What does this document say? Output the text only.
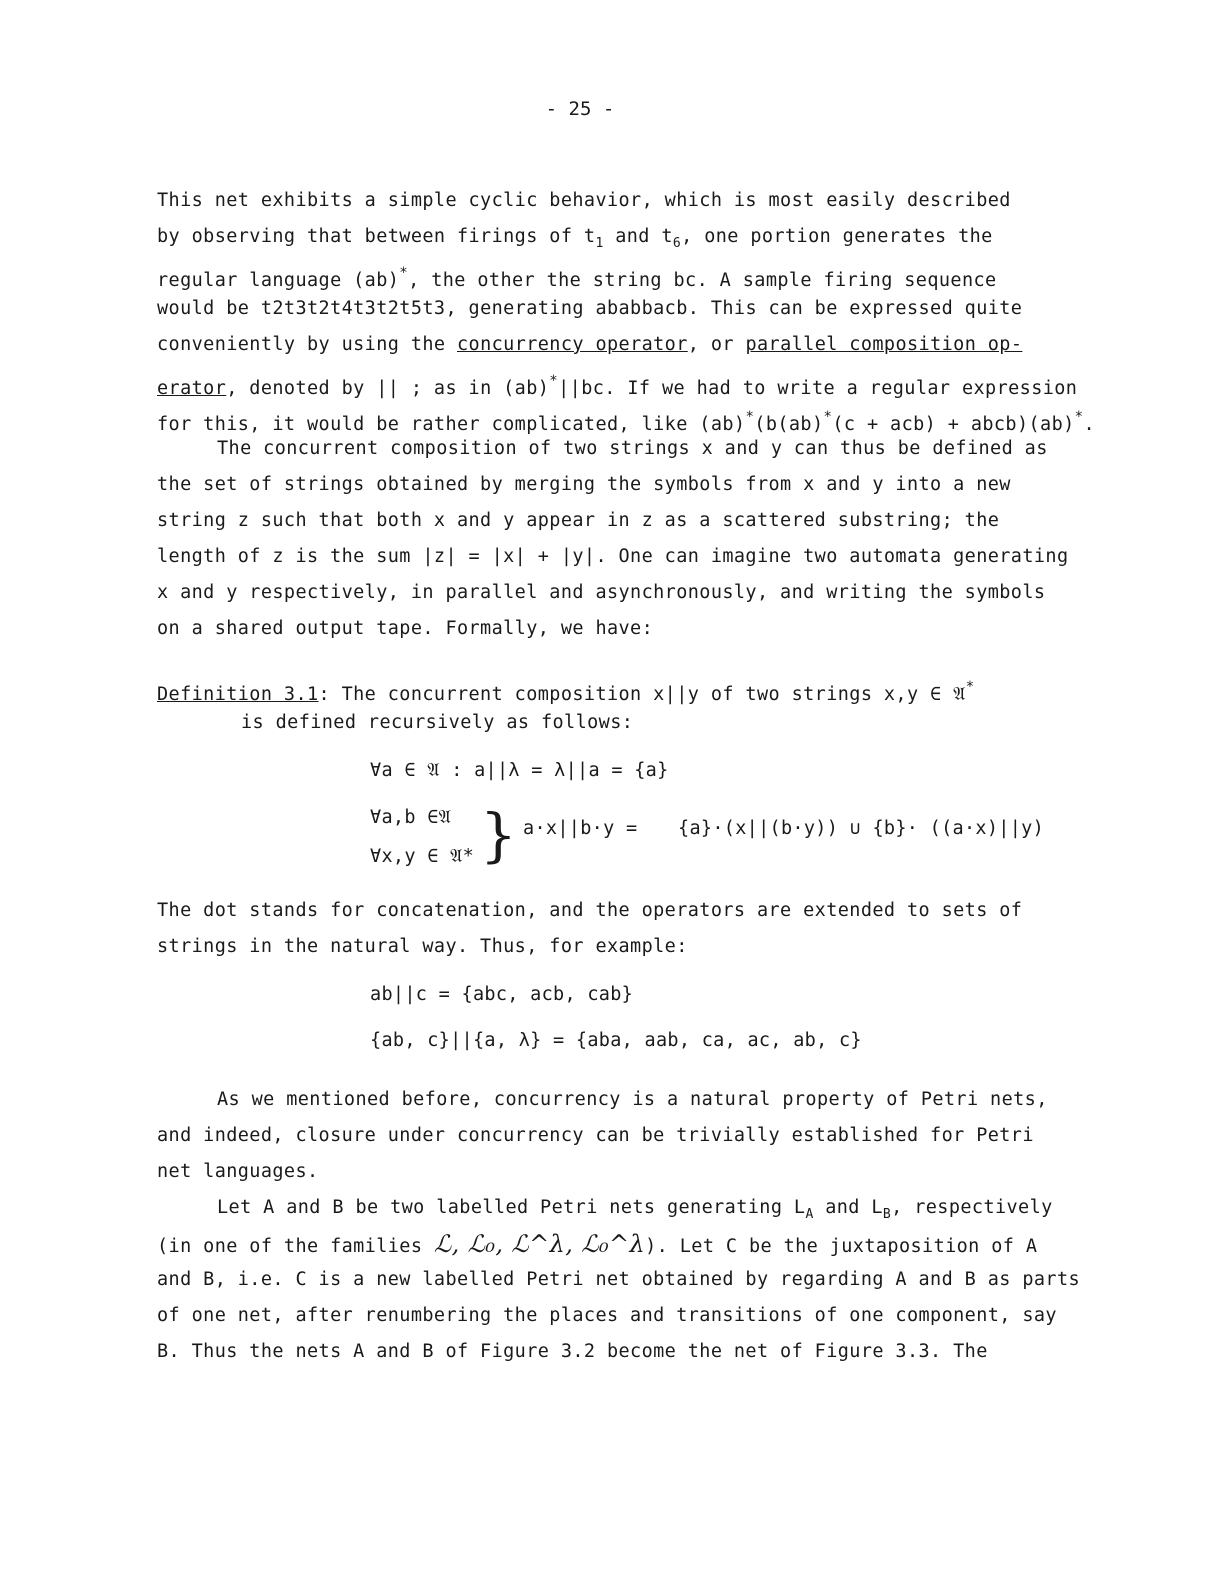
- 25 -
This net exhibits a simple cyclic behavior, which is most easily described
by observing that between firings of $t_1$ and $t_6$, one portion generates the
regular language (ab)*, the other the string bc. A sample firing sequence
would be t2t3t2t4t3t2t5t3, generating ababbacb. This can be expressed quite
conveniently by using the concurrency operator, or parallel composition op-
erator, denoted by || ; as in (ab)*||bc. If we had to write a regular expression
for this, it would be rather complicated, like (ab)*(b(ab)*(c + acb) + abcb)(ab)*.
The concurrent composition of two strings x and y can thus be defined as
the set of strings obtained by merging the symbols from x and y into a new
string z such that both x and y appear in z as a scattered substring; the
length of z is the sum |z| = |x| + |y|. One can imagine two automata generating
x and y respectively, in parallel and asynchronously, and writing the symbols
on a shared output tape. Formally, we have:
Definition 3.1: The concurrent composition x||y of two strings x,y ∈ 𝔄*
is defined recursively as follows:
∀a ∈ 𝔄 : a||λ = λ||a = {a}
∀a,b ∈𝔄
∀x,y ∈ 𝔄* } a·x||b·y = {a}·(x||(b·y)) ∪ {b}· ((a·x)||y)
The dot stands for concatenation, and the operators are extended to sets of
strings in the natural way. Thus, for example:
ab||c = {abc, acb, cab}
{ab, c}||{a, λ} = {aba, aab, ca, ac, ab, c}
As we mentioned before, concurrency is a natural property of Petri nets,
and indeed, closure under concurrency can be trivially established for Petri
net languages.
Let A and B be two labelled Petri nets generating $L_A$ and $L_B$, respectively
(in one of the families ℒ, ℒ₀, ℒ^λ, ℒ₀^λ). Let C be the juxtaposition of A
and B, i.e. C is a new labelled Petri net obtained by regarding A and B as parts
of one net, after renumbering the places and transitions of one component, say
B. Thus the nets A and B of Figure 3.2 become the net of Figure 3.3. The
